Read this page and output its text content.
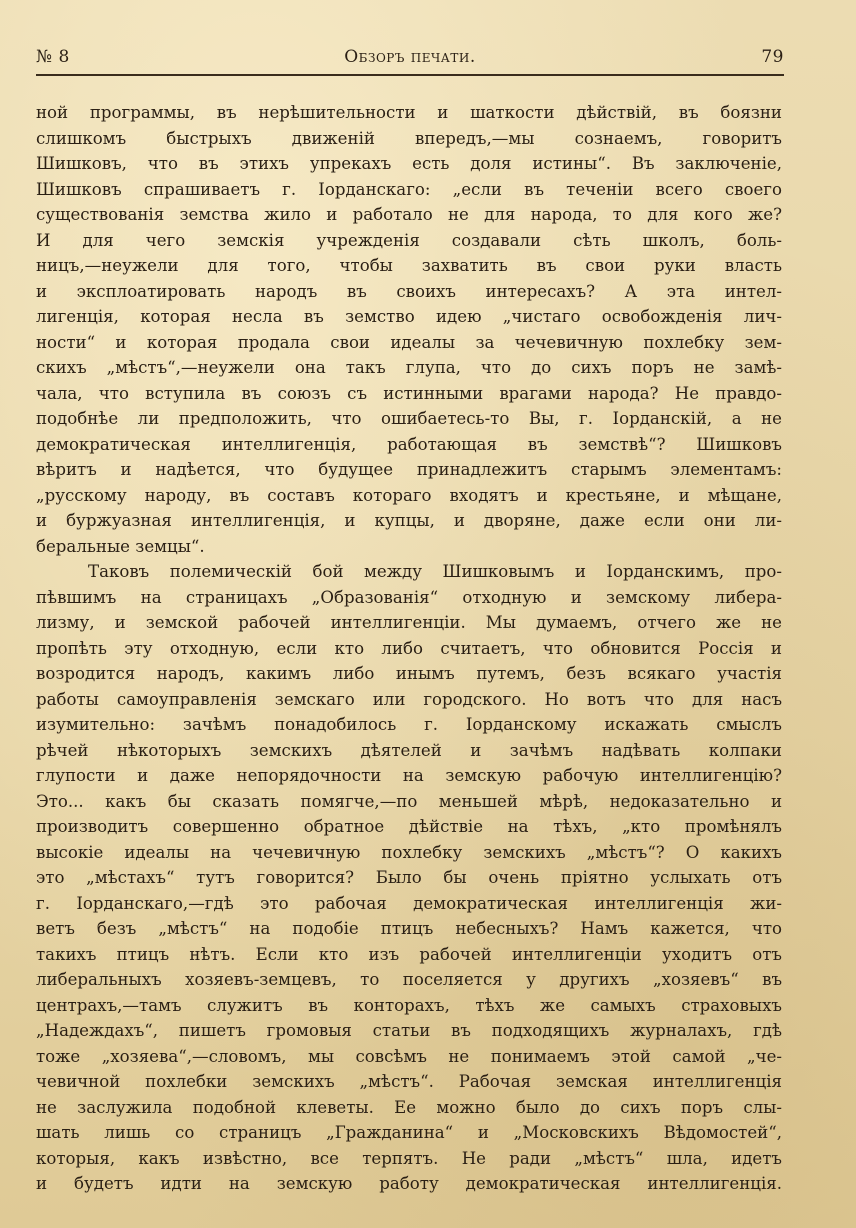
№ 8	Обзоръ печати.	79
ной программы, въ нерѣшительности и шаткости дѣйствій, въ боязни
слишкомъ быстрыхъ движеній впередъ,—мы сознаемъ, говоритъ
Шишковъ, что въ этихъ упрекахъ есть доля истины“. Въ заключеніе,
Шишковъ спрашиваетъ г. Іорданскаго: „если въ теченіи всего своего
существованія земства жило и работало не для народа, то для кого же?
И для чего земскія учрежденія создавали сѣть школъ, боль-
ницъ,—неужели для того, чтобы захватить въ свои руки власть
и эксплоатировать народъ въ своихъ интересахъ? А эта интел-
лигенція, которая несла въ земство идею „чистаго освобожденія лич-
ности“ и которая продала свои идеалы за чечевичную похлебку зем-
скихъ „мѣстъ“,—неужели она такъ глупа, что до сихъ поръ не замѣ-
чала, что вступила въ союзъ съ истинными врагами народа? Не правдо-
подобнѣе ли предположить, что ошибаетесь-то Вы, г. Іорданскій, а не
демократическая интеллигенція, работающая въ земствѣ“? Шишковъ
вѣритъ и надѣется, что будущее принадлежитъ старымъ элементамъ:
„русскому народу, въ составъ котораго входятъ и крестьяне, и мѣщане,
и буржуазная интеллигенція, и купцы, и дворяне, даже если они ли-
беральные земцы“.
Таковъ полемическій бой между Шишковымъ и Іорданскимъ, про-
пѣвшимъ на страницахъ „Образованія“ отходную и земскому либера-
лизму, и земской рабочей интеллигенціи. Мы думаемъ, отчего же не
пропѣть эту отходную, если кто либо считаетъ, что обновится Россія и
возродится народъ, какимъ либо инымъ путемъ, безъ всякаго участія
работы самоуправленія земскаго или городского. Но вотъ что для насъ
изумительно: зачѣмъ понадобилось г. Іорданскому искажать смыслъ
рѣчей нѣкоторыхъ земскихъ дѣятелей и зачѣмъ надѣвать колпаки
глупости и даже непорядочности на земскую рабочую интеллигенцію?
Это... какъ бы сказать помягче,—по меньшей мѣрѣ, недоказательно и
производитъ совершенно обратное дѣйствіе на тѣхъ, „кто промѣнялъ
высокіе идеалы на чечевичную похлебку земскихъ „мѣстъ“? О какихъ
это „мѣстахъ“ тутъ говорится? Было бы очень пріятно услыхать отъ
г. Іорданскаго,—гдѣ это рабочая демократическая интеллигенція жи-
ветъ безъ „мѣстъ“ на подобіе птицъ небесныхъ? Намъ кажется, что
такихъ птицъ нѣтъ. Если кто изъ рабочей интеллигенціи уходитъ отъ
либеральныхъ хозяевъ-земцевъ, то поселяется у другихъ „хозяевъ“ въ
центрахъ,—тамъ служитъ въ конторахъ, тѣхъ же самыхъ страховыхъ
„Надеждахъ“, пишетъ громовыя статьи въ подходящихъ журналахъ, гдѣ
тоже „хозяева“,—словомъ, мы совсѣмъ не понимаемъ этой самой „че-
чевичной похлебки земскихъ „мѣстъ“. Рабочая земская интеллигенція
не заслужила подобной клеветы. Ее можно было до сихъ поръ слы-
шать лишь со страницъ „Гражданина“ и „Московскихъ Вѣдомостей“,
которыя, какъ извѣстно, все терпятъ. Не ради „мѣстъ“ шла, идетъ
и будетъ идти на земскую работу демократическая интеллигенція.
